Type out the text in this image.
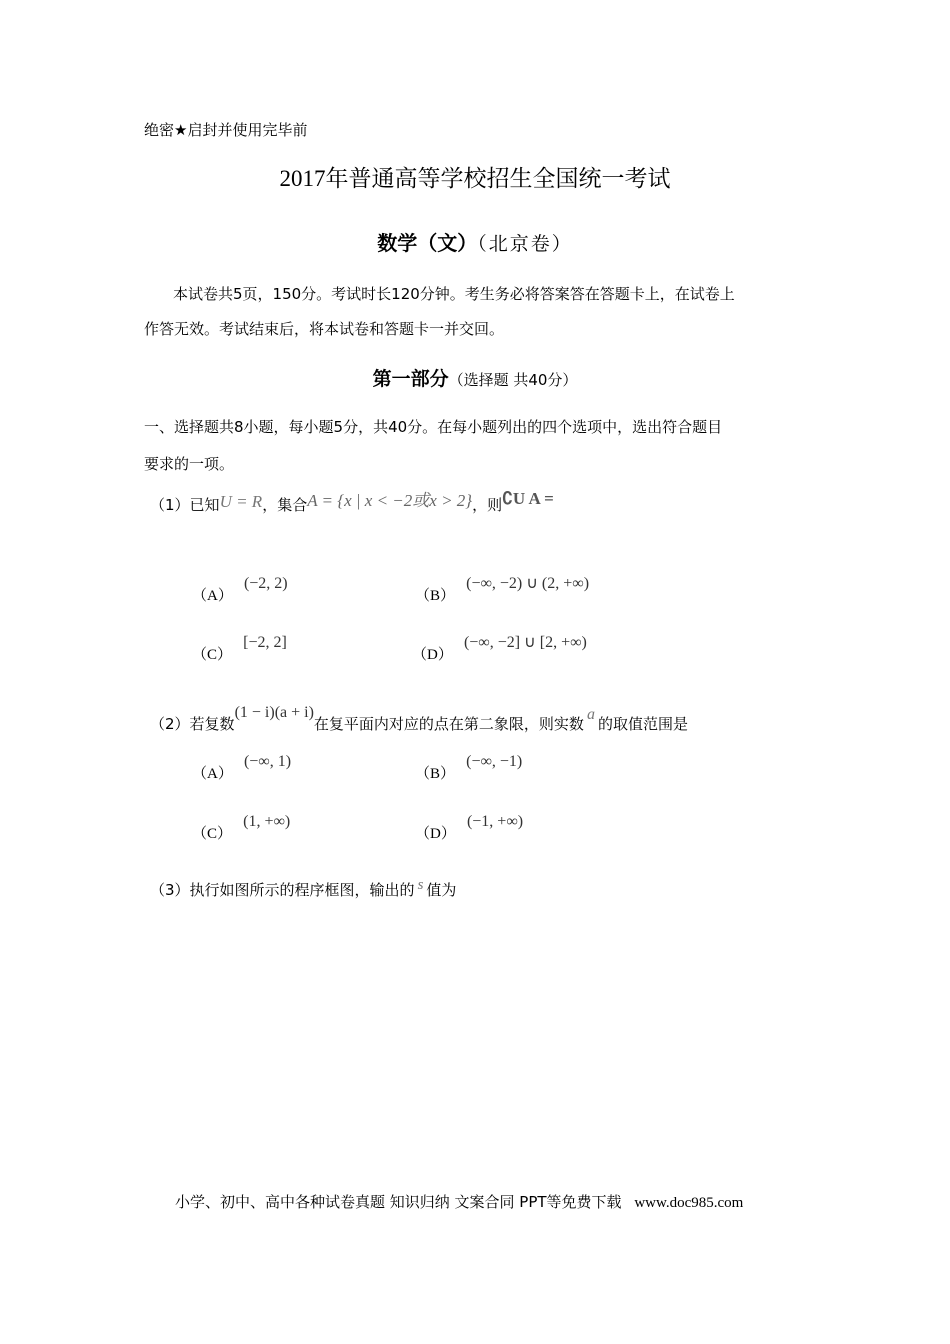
绝密★启封并使用完毕前
2017年普通高等学校招生全国统一考试
数学（文）（北京卷）
本试卷共5页，150分。考试时长120分钟。考生务必将答案答在答题卡上，在试卷上
作答无效。考试结束后，将本试卷和答题卡一并交回。
第一部分（选择题 共40分）
一、选择题共8小题，每小题5分，共40分。在每小题列出的四个选项中，选出符合题目
要求的一项。
（1）已知U = R，集合A = {x | x < −2或x > 2}，则∁U A =
（A） (−2, 2)
（B） (−∞, −2) ∪ (2, +∞)
（C） [−2, 2]
（D） (−∞, −2] ∪ [2, +∞)
（2）若复数(1 − i)(a + i)在复平面内对应的点在第二象限，则实数a的取值范围是
（A） (−∞, 1)
（B） (−∞, −1)
（C） (1, +∞)
（D） (−1, +∞)
（3）执行如图所示的程序框图，输出的 s 值为
小学、初中、高中各种试卷真题 知识归纳 文案合同 PPT等免费下载 www.doc985.com
